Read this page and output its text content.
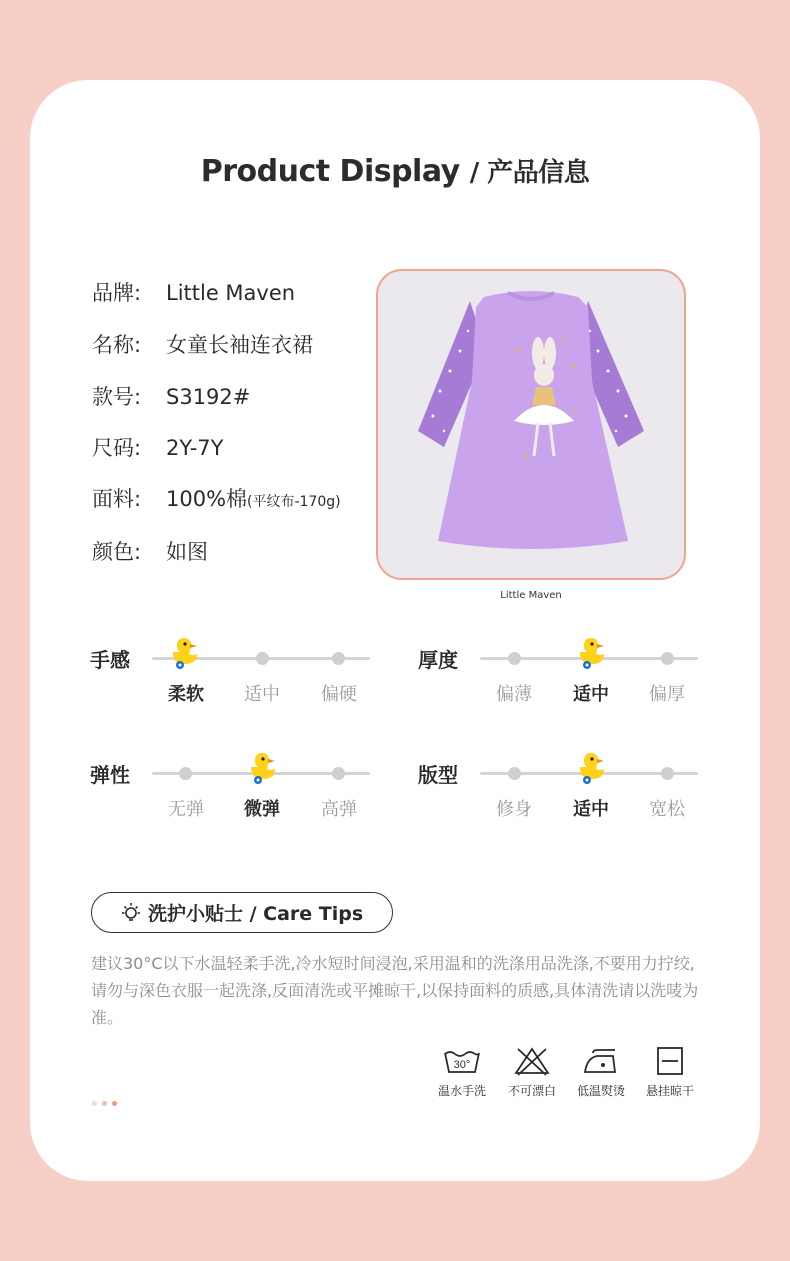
Product Display / 产品信息
品牌: Little Maven
名称: 女童长袖连衣裙
款号: S3192#
尺码: 2Y-7Y
面料: 100%棉(平纹布-170g)
颜色: 如图
Little Maven
手感
柔软	适中	偏硬
厚度
偏薄	适中	偏厚
弹性
无弹	微弹	高弹
版型
修身	适中	宽松
洗护小贴士 / Care Tips
建议30°C以下水温轻柔手洗,冷水短时间浸泡,采用温和的洗涤用品洗涤,不要用力拧绞,请勿与深色衣服一起洗涤,反面清洗或平摊晾干,以保持面料的质感,具体清洗请以洗唛为准。
30°
温水手洗	不可漂白	低温熨烫	悬挂晾干
